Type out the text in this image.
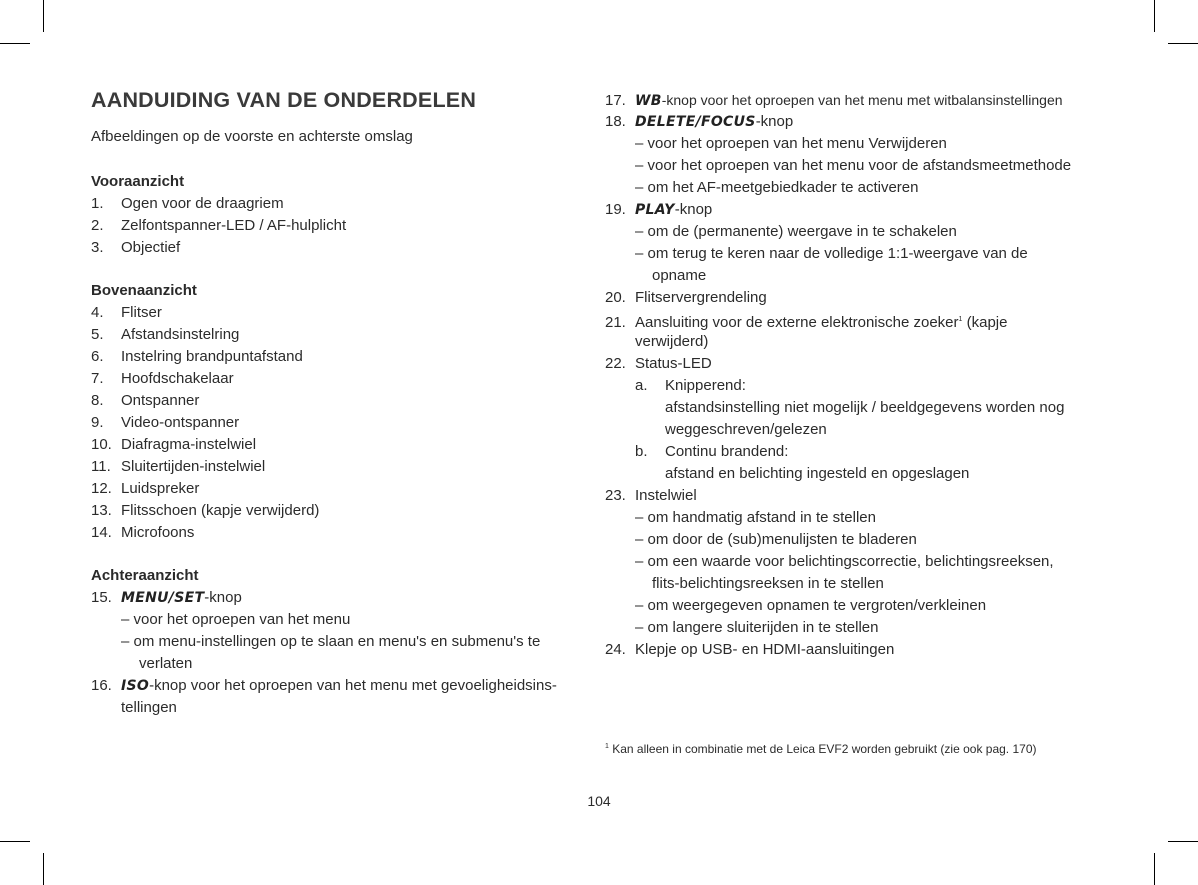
AANDUIDING VAN DE ONDERDELEN
Afbeeldingen op de voorste en achterste omslag
Vooraanzicht
1. Ogen voor de draagriem
2. Zelfontspanner-LED / AF-hulplicht
3. Objectief
Bovenaanzicht
4. Flitser
5. Afstandsinstelring
6. Instelring brandpuntafstand
7. Hoofdschakelaar
8. Ontspanner
9. Video-ontspanner
10. Diafragma-instelwiel
11. Sluitertijden-instelwiel
12. Luidspreker
13. Flitsschoen (kapje verwijderd)
14. Microfoons
Achteraanzicht
15. MENU/SET-knop
– voor het oproepen van het menu
– om menu-instellingen op te slaan en menu's en submenu's te
verlaten
16. ISO-knop voor het oproepen van het menu met gevoeligheidsins-
tellingen
17. WB-knop voor het oproepen van het menu met witbalansinstellingen
18. DELETE/FOCUS-knop
– voor het oproepen van het menu Verwijderen
– voor het oproepen van het menu voor de afstandsmeetmethode
– om het AF-meetgebiedkader te activeren
19. PLAY-knop
– om de (permanente) weergave in te schakelen
– om terug te keren naar de volledige 1:1-weergave van de
opname
20. Flitservergrendeling
21. Aansluiting voor de externe elektronische zoeker$^1$ (kapje
verwijderd)
22. Status-LED
a. Knipperend:
afstandsinstelling niet mogelijk / beeldgegevens worden nog
weggeschreven/gelezen
b. Continu brandend:
afstand en belichting ingesteld en opgeslagen
23. Instelwiel
– om handmatig afstand in te stellen
– om door de (sub)menulijsten te bladeren
– om een waarde voor belichtingscorrectie, belichtingsreeksen,
flits-belichtingsreeksen in te stellen
– om weergegeven opnamen te vergroten/verkleinen
– om langere sluiterijden in te stellen
24. Klepje op USB- en HDMI-aansluitingen
$^1$ Kan alleen in combinatie met de Leica EVF2 worden gebruikt (zie ook pag. 170)
104
